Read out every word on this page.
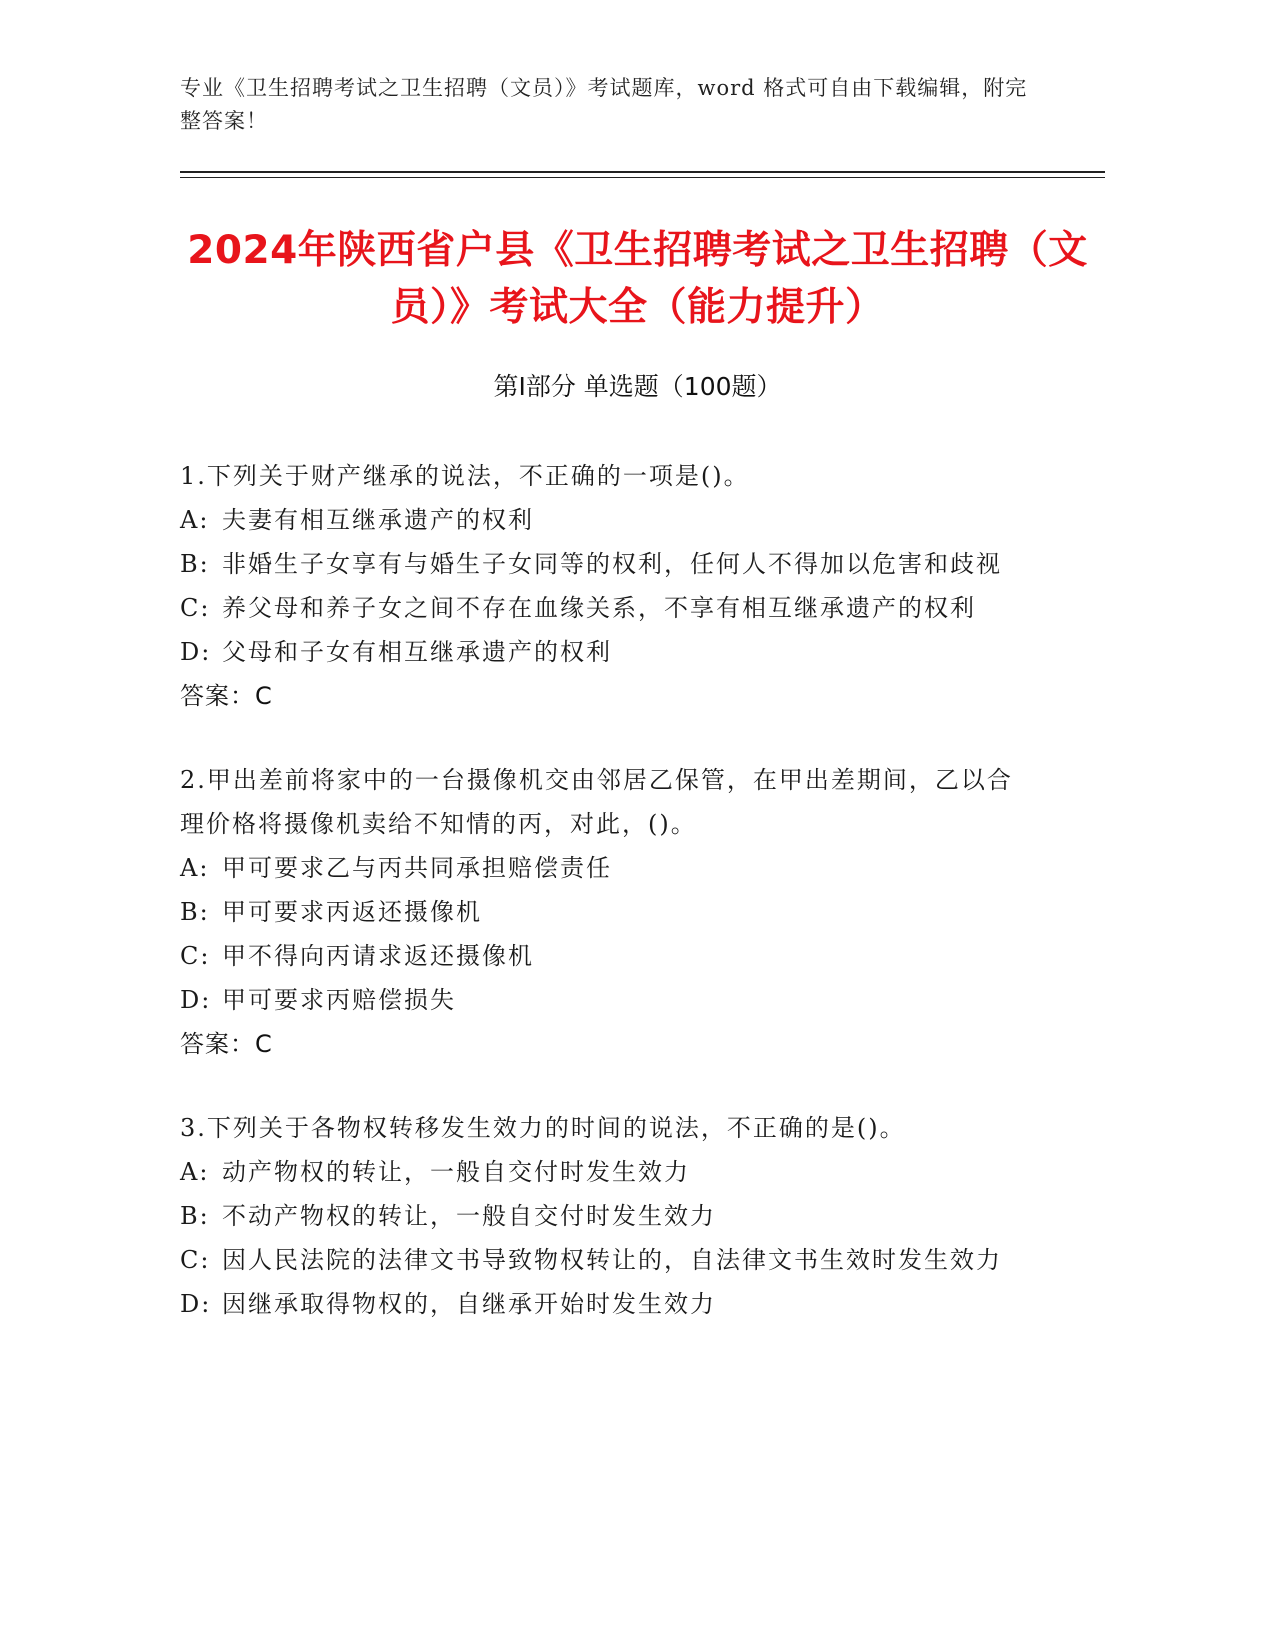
专业《卫生招聘考试之卫生招聘（文员）》考试题库，word 格式可自由下载编辑，附完整答案！
2024年陕西省户县《卫生招聘考试之卫生招聘（文员）》考试大全（能力提升）
第Ⅰ部分 单选题（100题）
1.下列关于财产继承的说法，不正确的一项是()。
A: 夫妻有相互继承遗产的权利
B: 非婚生子女享有与婚生子女同等的权利，任何人不得加以危害和歧视
C: 养父母和养子女之间不存在血缘关系，不享有相互继承遗产的权利
D: 父母和子女有相互继承遗产的权利
答案：C
2.甲出差前将家中的一台摄像机交由邻居乙保管，在甲出差期间，乙以合理价格将摄像机卖给不知情的丙，对此，()。
A: 甲可要求乙与丙共同承担赔偿责任
B: 甲可要求丙返还摄像机
C: 甲不得向丙请求返还摄像机
D: 甲可要求丙赔偿损失
答案：C
3.下列关于各物权转移发生效力的时间的说法，不正确的是()。
A: 动产物权的转让，一般自交付时发生效力
B: 不动产物权的转让，一般自交付时发生效力
C: 因人民法院的法律文书导致物权转让的，自法律文书生效时发生效力
D: 因继承取得物权的，自继承开始时发生效力
